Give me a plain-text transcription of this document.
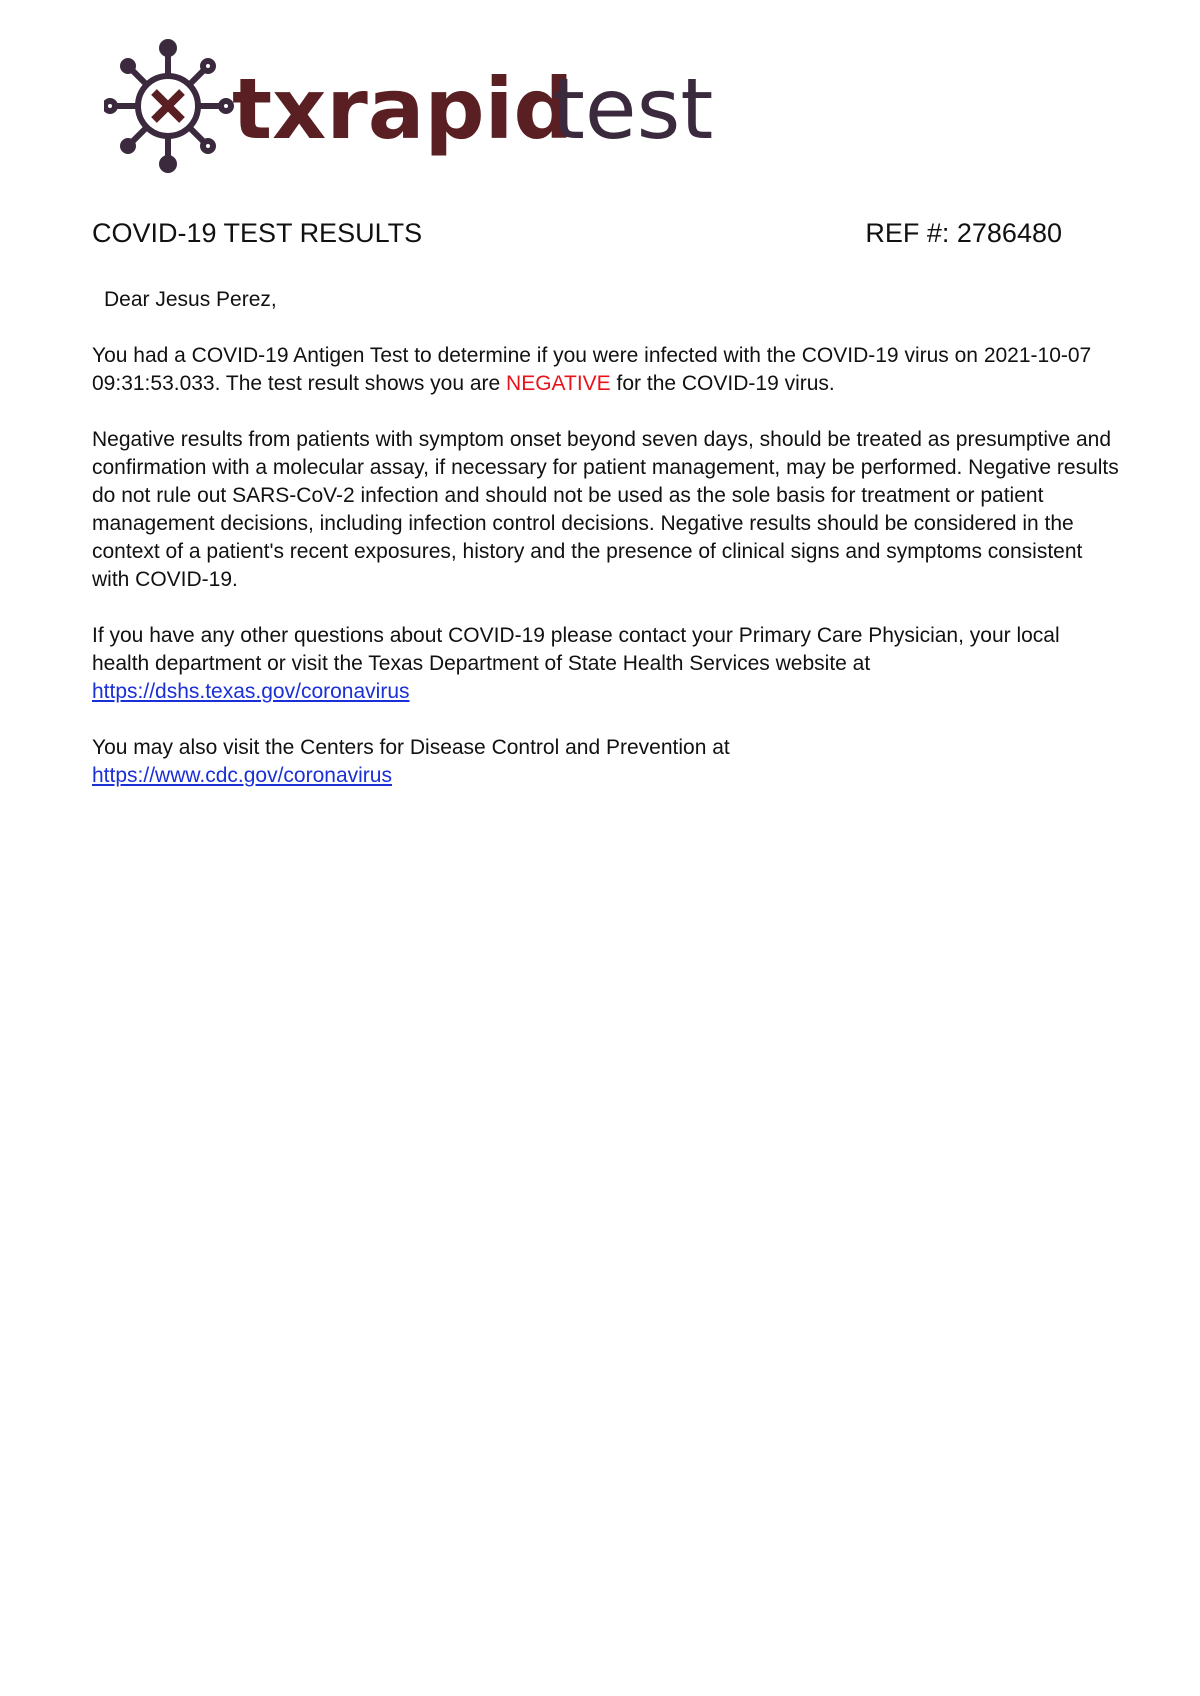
txrapid
test
COVID-19 TEST RESULTS	REF #: 2786480

Dear Jesus Perez,

You had a COVID-19 Antigen Test to determine if you were infected with the COVID-19 virus on 2021-10-07 09:31:53.033. The test result shows you are NEGATIVE for the COVID-19 virus.

Negative results from patients with symptom onset beyond seven days, should be treated as presumptive and confirmation with a molecular assay, if necessary for patient management, may be performed. Negative results do not rule out SARS-CoV-2 infection and should not be used as the sole basis for treatment or patient management decisions, including infection control decisions. Negative results should be considered in the context of a patient's recent exposures, history and the presence of clinical signs and symptoms consistent with COVID-19.

If you have any other questions about COVID-19 please contact your Primary Care Physician, your local health department or visit the Texas Department of State Health Services website at
https://dshs.texas.gov/coronavirus

You may also visit the Centers for Disease Control and Prevention at
https://www.cdc.gov/coronavirus
